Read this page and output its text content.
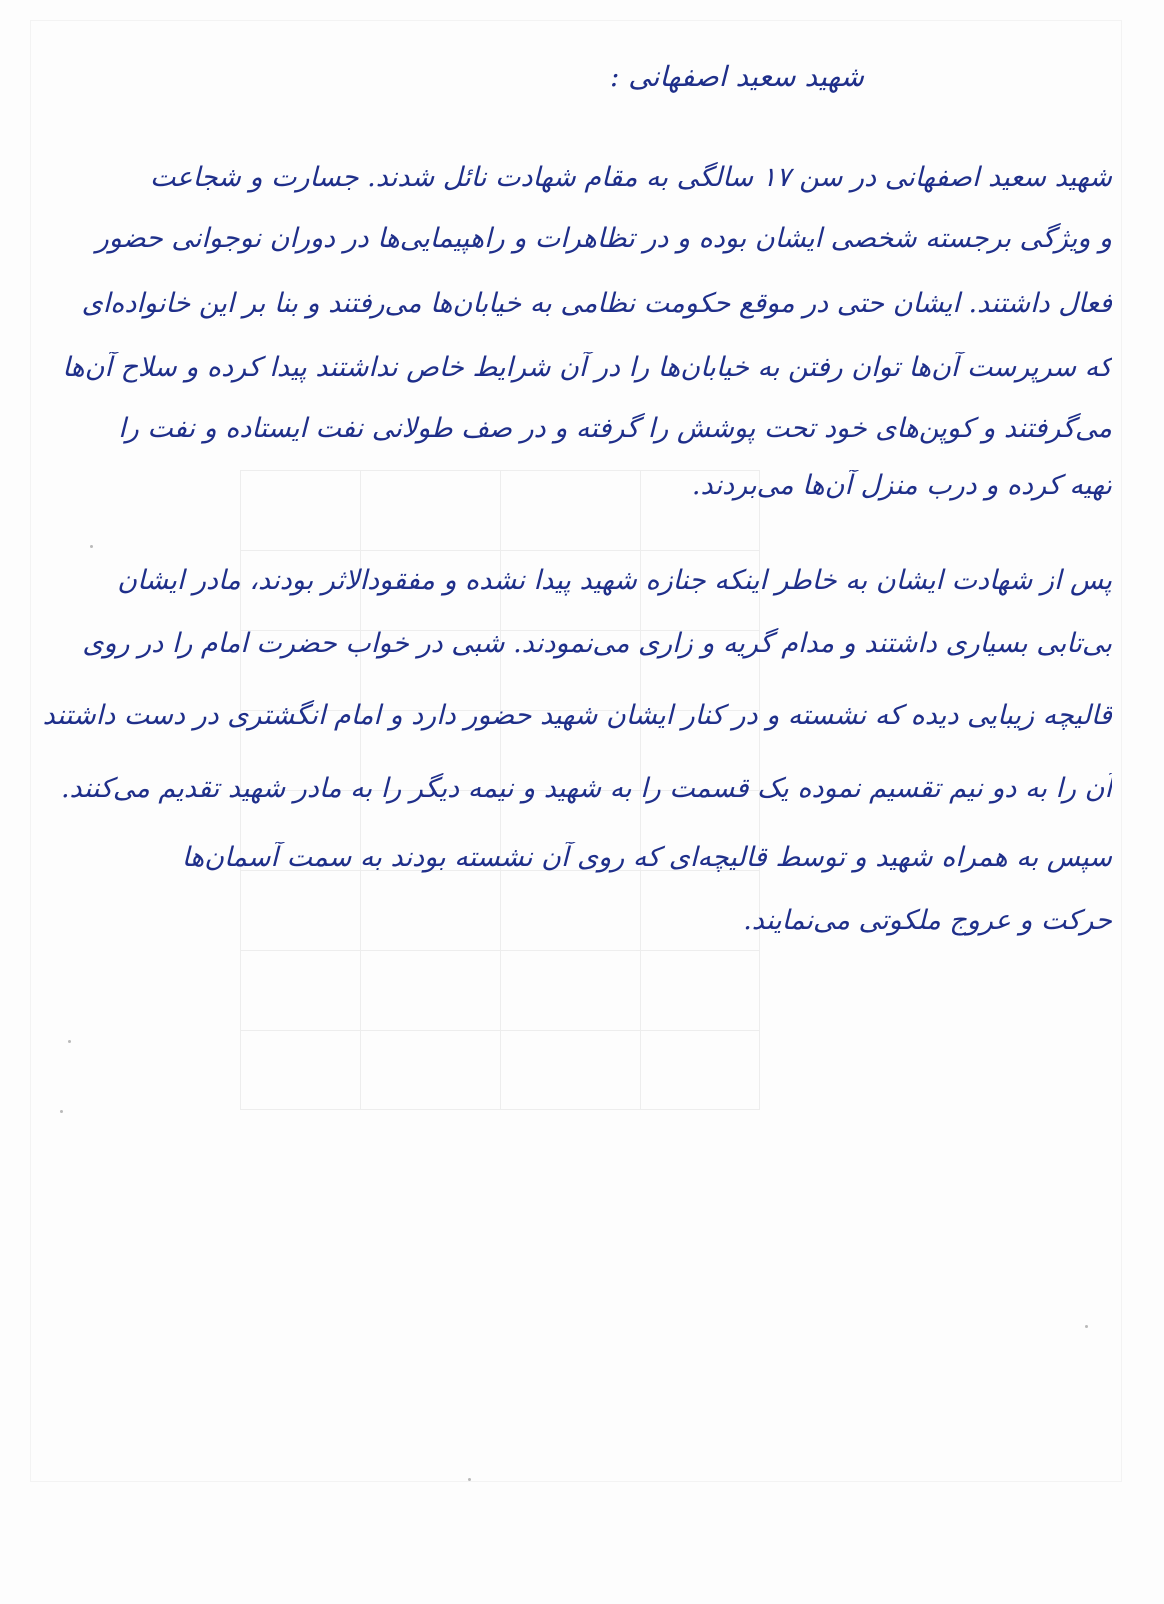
شهید سعید اصفهانی :
شهید سعید اصفهانی در سن ۱۷ سالگی به مقام شهادت نائل شدند. جسارت و شجاعت
و ویژگی برجسته شخصی ایشان بوده و در تظاهرات و راهپیمایی‌ها در دوران نوجوانی حضور
فعال داشتند. ایشان حتی در موقع حکومت نظامی به خیابان‌ها می‌رفتند و بنا بر این خانواده‌ای
که سرپرست آن‌ها توان رفتن به خیابان‌ها را در آن شرایط خاص نداشتند پیدا کرده و سلاح آن‌ها
می‌گرفتند و کوپن‌های خود تحت پوشش را گرفته و در صف طولانی نفت ایستاده و نفت را
تهیه کرده و درب منزل آن‌ها می‌بردند.
پس از شهادت ایشان به خاطر اینکه جنازه شهید پیدا نشده و مفقودالاثر بودند، مادر ایشان
بی‌تابی بسیاری داشتند و مدام گریه و زاری می‌نمودند. شبی در خواب حضرت امام را در روی
قالیچه زیبایی دیده که نشسته و در کنار ایشان شهید حضور دارد و امام انگشتری در دست داشتند
آن را به دو نیم تقسیم نموده یک قسمت را به شهید و نیمه دیگر را به مادر شهید تقدیم می‌کنند.
سپس به همراه شهید و توسط قالیچه‌ای که روی آن نشسته بودند به سمت آسمان‌ها
حرکت و عروج ملکوتی می‌نمایند.
